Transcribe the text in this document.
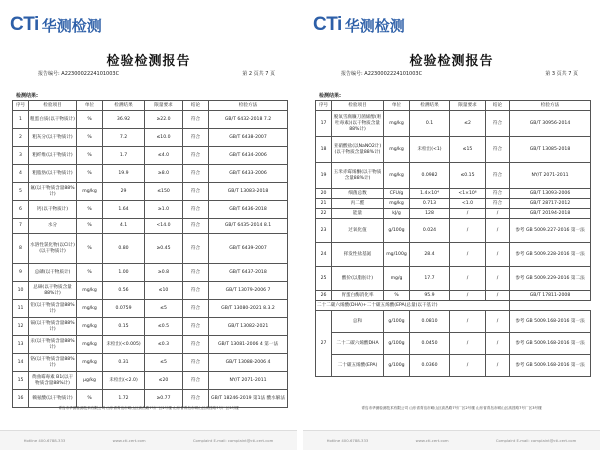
CTi 华测检测
检验检测报告
报告编号: A2230002224101003C	第 2 页共 7 页
检测结果:
序号	检验项目	单位	检测结果	限量要求	结论	检验方法
1	粗蛋白质(以干物质计)	%	36.92	≥22.0	符合	GB/T 6432-2018 7.2
2	粗灰分(以干物质计)	%	7.2	≤10.0	符合	GB/T 6438-2007
3	粗纤维(以干物质计)	%	1.7	≤4.0	符合	GB/T 6434-2006
4	粗脂肪(以干物质计)	%	19.9	≥8.0	符合	GB/T 6433-2006
5	氟(以干物质含量88%计)	mg/kg	29	≤150	符合	GB/T 13083-2018
6	钙(以干物质计)	%	1.64	≥1.0	符合	GB/T 6436-2018
7	水分	%	4.1	<14.0	符合	GB/T 6435-2014 8.1
8	水溶性氯化物(以Cl计)(以干物质计)	%	0.80	≥0.45	符合	GB/T 6439-2007
9	总磷(以干物质计)	%	1.00	≥0.8	符合	GB/T 6437-2018
10	总砷(以干物质含量88%计)	mg/kg	0.56	≤10	符合	GB/T 13079-2006 7
11	铅(以干物质含量88%计)	mg/kg	0.0759	≤5	符合	GB/T 13080-2021 8.3.2
12	镉(以干物质含量88%计)	mg/kg	0.15	≤0.5	符合	GB/T 13082-2021
13	汞(以干物质含量88%计)	mg/kg	未检出(<0.005)	≤0.3	符合	GB/T 13081-2006 4 第一法
14	铬(以干物质含量88%计)	mg/kg	0.31	≤5	符合	GB/T 13088-2006 4
15	黄曲霉毒素 B1(以干物质含量88%计)	μg/kg	未检出(<2.0)	≤20	符合	NY/T 2071-2011
16	赖氨酸(以干物质计)	%	1.72	≥0.77	符合	GB/T 18246-2019 第1法 酸水解法
青岛市华测检测技术有限公司 山东省青岛市崂山区高昌路7号厂区2号楼 山东省青岛市崂山区高昌路7号厂区3号楼
Hotline 400-6788-333	www.cti-cert.com	Complaint E-mail: complaint@cti-cert.com
CTi 华测检测
检验检测报告
报告编号: A2230002224101003C	第 3 页共 7 页
检测结果:
序号	检验项目	单位	检测结果	限量要求	结论	检验方法
17	脱氧雪腐镰刀菌烯醇(呕吐毒素)(以干物质含量88%计)	mg/kg	0.1	≤2	符合	GB/T 30956-2014
18	亚硝酸盐(以NaNO2计)(以干物质含量88%计)	mg/kg	未检出(<1)	≤15	符合	GB/T 13085-2018
19	玉米赤霉烯酮(以干物质含量88%计)	mg/kg	0.0982	≤0.15	符合	NY/T 2071-2011
20	细菌总数	CFU/g	1.4×10⁴	<1×10⁶	符合	GB/T 13093-2006
21	丙二醛	mg/kg	0.713	<1.0	符合	GB/T 28717-2012
22	能量	kJ/g	128	/	/	GB/T 20194-2018
23	过氧化值	g/100g	0.024	/	/	参考 GB 5009.227-2016 第一法
24	挥发性盐基氮	mg/100g	28.4	/	/	参考 GB 5009.228-2016 第一法
25	酸价(以脂肪计)	mg/g	17.7	/	/	参考 GB 5009.229-2016 第二法
26	胃蛋白酶消化率	%	95.9	/	/	GB/T 17811-2008
二十二碳六烯酸(DHA)+二十碳五烯酸(EPA)总量(以干基计)						
27	总和	g/100g	0.0810	/	/	参考 GB 5009.168-2016 第一法
	二十二碳六烯酸DHA	g/100g	0.0450	/	/	参考 GB 5009.168-2016 第一法
	二十碳五烯酸(EPA)	g/100g	0.0360	/	/	参考 GB 5009.168-2016 第一法
青岛市华测检测技术有限公司 山东省青岛市崂山区高昌路7号厂区2号楼 山东省青岛市崂山区高昌路7号厂区3号楼
Hotline 400-6788-333	www.cti-cert.com	Complaint E-mail: complaint@cti-cert.com
